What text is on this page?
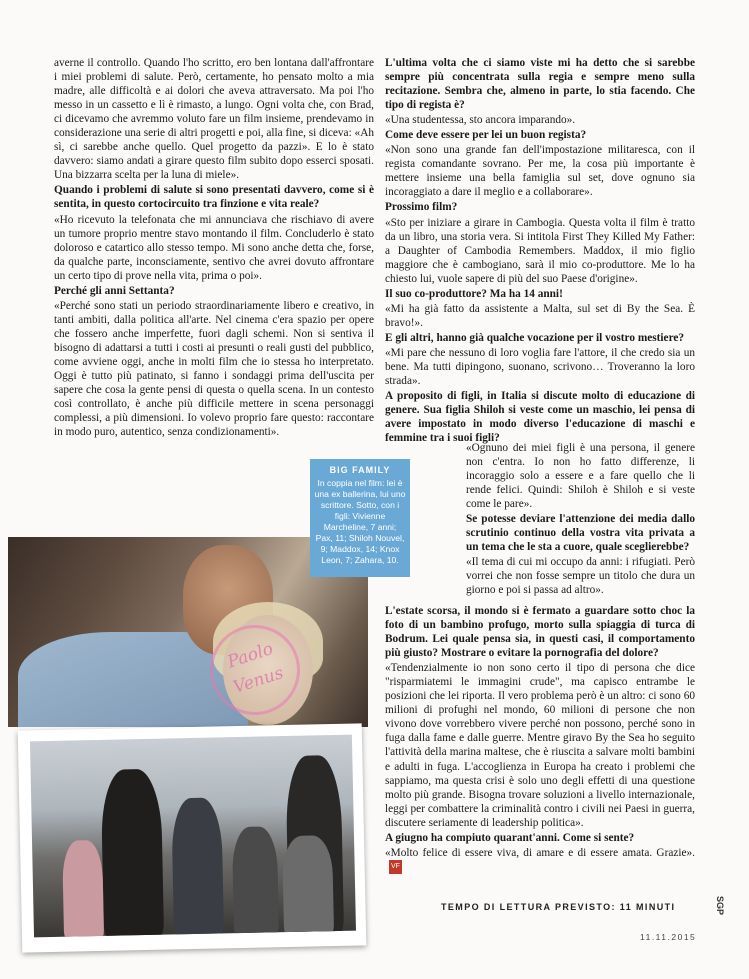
averne il controllo. Quando l'ho scritto, ero ben lontana dall'affrontare i miei problemi di salute. Però, certamente, ho pensato molto a mia madre, alle difficoltà e ai dolori che aveva attraversato. Ma poi l'ho messo in un cassetto e lì è rimasto, a lungo. Ogni volta che, con Brad, ci dicevamo che avremmo voluto fare un film insieme, prendevamo in considerazione una serie di altri progetti e poi, alla fine, si diceva: «Ah sì, ci sarebbe anche quello. Quel progetto da pazzi». E lo è stato davvero: siamo andati a girare questo film subito dopo esserci sposati. Una bizzarra scelta per la luna di miele».

Quando i problemi di salute si sono presentati davvero, come si è sentita, in questo cortocircuito tra finzione e vita reale?

«Ho ricevuto la telefonata che mi annunciava che rischiavo di avere un tumore proprio mentre stavo montando il film. Concluderlo è stato doloroso e catartico allo stesso tempo. Mi sono anche detta che, forse, da qualche parte, inconsciamente, sentivo che avrei dovuto affrontare un certo tipo di prove nella vita, prima o poi».

Perché gli anni Settanta?

«Perché sono stati un periodo straordinariamente libero e creativo, in tanti ambiti, dalla politica all'arte. Nel cinema c'era spazio per opere che fossero anche imperfette, fuori dagli schemi. Non si sentiva il bisogno di adattarsi a tutti i costi ai presunti o reali gusti del pubblico, come avviene oggi, anche in molti film che io stessa ho interpretato. Oggi è tutto più patinato, si fanno i sondaggi prima dell'uscita per sapere che cosa la gente pensi di questa o quella scena. In un contesto così controllato, è anche più difficile mettere in scena personaggi complessi, a più dimensioni. Io volevo proprio fare questo: raccontare in modo puro, autentico, senza condizionamenti».

L'ultima volta che ci siamo viste mi ha detto che si sarebbe sempre più concentrata sulla regia e sempre meno sulla recitazione. Sembra che, almeno in parte, lo stia facendo. Che tipo di regista è?

«Una studentessa, sto ancora imparando».

Come deve essere per lei un buon regista?

«Non sono una grande fan dell'impostazione militaresca, con il regista comandante sovrano. Per me, la cosa più importante è mettere insieme una bella famiglia sul set, dove ognuno sia incoraggiato a dare il meglio e a collaborare».

Prossimo film?

«Sto per iniziare a girare in Cambogia. Questa volta il film è tratto da un libro, una storia vera. Si intitola First They Killed My Father: a Daughter of Cambodia Remembers. Maddox, il mio figlio maggiore che è cambogiano, sarà il mio co-produttore. Me lo ha chiesto lui, vuole sapere di più del suo Paese d'origine».

Il suo co-produttore? Ma ha 14 anni!

«Mi ha già fatto da assistente a Malta, sul set di By the Sea. È bravo!».

E gli altri, hanno già qualche vocazione per il vostro mestiere?

«Mi pare che nessuno di loro voglia fare l'attore, il che credo sia un bene. Ma tutti dipingono, suonano, scrivono… Troveranno la loro strada».

A proposito di figli, in Italia si discute molto di educazione di genere. Sua figlia Shiloh si veste come un maschio, lei pensa di avere impostato in modo diverso l'educazione di maschi e femmine tra i suoi figli?

«Ognuno dei miei figli è una persona, il genere non c'entra. Io non ho fatto differenze, li incoraggio solo a essere e a fare quello che li rende felici. Quindi: Shiloh è Shiloh e si veste come le pare».

Se potesse deviare l'attenzione dei media dallo scrutinio continuo della vostra vita privata a un tema che le sta a cuore, quale sceglierebbe?

«Il tema di cui mi occupo da anni: i rifugiati. Però vorrei che non fosse sempre un titolo che dura un giorno e poi si passa ad altro».

L'estate scorsa, il mondo si è fermato a guardare sotto choc la foto di un bambino profugo, morto sulla spiaggia di turca di Bodrum. Lei quale pensa sia, in questi casi, il comportamento più giusto? Mostrare o evitare la pornografia del dolore?

«Tendenzialmente io non sono certo il tipo di persona che dice "risparmiatemi le immagini crude", ma capisco entrambe le posizioni che lei riporta. Il vero problema però è un altro: ci sono 60 milioni di profughi nel mondo, 60 milioni di persone che non vivono dove vorrebbero vivere perché non possono, perché sono in fuga dalla fame e dalle guerre. Mentre giravo By the Sea ho seguito l'attività della marina maltese, che è riuscita a salvare molti bambini e adulti in fuga. L'accoglienza in Europa ha creato i problemi che sappiamo, ma questa crisi è solo uno degli effetti di una questione molto più grande. Bisogna trovare soluzioni a livello internazionale, leggi per combattere la criminalità contro i civili nei Paesi in guerra, discutere seriamente di leadership politica».

A giugno ha compiuto quarant'anni. Come si sente?

«Molto felice di essere viva, di amare e di essere amata. Grazie».VF

Paolo Venus
BIG FAMILY
In coppia nel film: lei è una ex ballerina, lui uno scrittore. Sotto, con i figli: Vivienne Marcheline, 7 anni; Pax, 11; Shiloh Nouvel, 9; Maddox, 14; Knox Leon, 7; Zahara, 10.
TEMPO DI LETTURA PREVISTO: 11 MINUTI
11.11.2015
SGP
